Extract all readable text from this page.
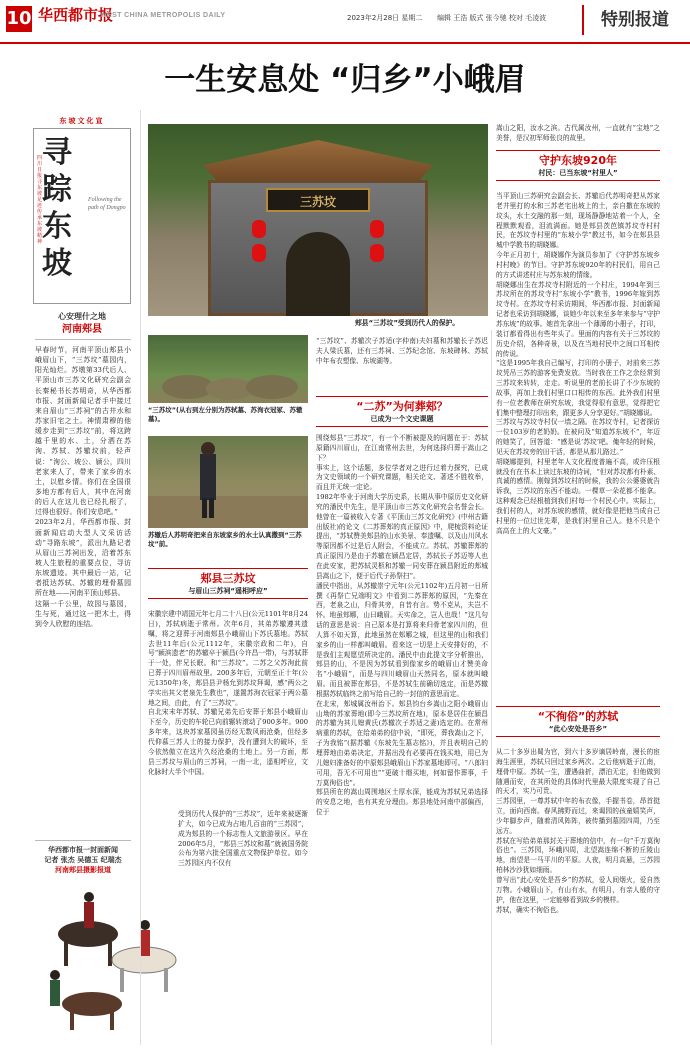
10 华西都市报
WEST CHINA METROPOLIS DAILY	2023年2月28日 星期二 编辑 王浩 版式 张今驰 校对 毛凌波	特别报道
一生安息处 “归乡”小峨眉
东坡文化宣
四川日报寻东坡足迹传承东坡精神
寻踪东坡
Following the path of Dongpo
心安理什之地
河南郏县
早春时节，河南平顶山郏县小峨眉山下，“三苏坟”墓园内，阳光灿烂。苏墩第33代后人、平顶山市三苏文化研究会副会长秦秘书长苏明奇，从华西都市报、封面新闻记者手中接过来自眉山“三苏祠”的古井水和苏家旧宅之土。神情肃穆的他缓步走到“三苏坟”前，将这跨越千里的水、土，分洒在苏洵、苏轼、苏辙坟前，轻声说：“洵公、坡公、颍公，四川老家来人了，带来了家乡的水土，以慰乡情。你们在全国很多地方都有后人，其中在河南的后人在这儿也已经扎根了，过得也很好。你们安息吧。”
2023年2月，华西都市报、封面新闻启动大型人文采访活动“寻路东坡”，派出九路记者从眉山三苏祠出发，沿着苏东坡人生旅程的重要点位，寻访东坡遗迹。其中最后一站，记者抵达苏轼、苏辙的埋骨墓园所在地——河南平顶山郏县。
这隔一千公里，故园与墓园，生与死，通过这一把木土，得到令人欣慰的连结。
华西都市报一封面新闻
记者 张杰 吴德玉 纪瑞杰
河南郏县摄影报道
三苏坟
郏县“三苏坟”受到历代人的保护。
“三苏坟”(从右到左分别为苏轼墓、苏洵衣冠冢、苏辙墓)。
苏辙后人苏明奇把来自东坡家乡的水土认真撒到“三苏坟”前。
郏县三苏坟
与眉山三苏祠“遥相呼应”
宋徽宗建中靖国元年七月二十八日(公元1101年8月24日)，苏轼病逝于常州。次年6月，其弟苏辙遵其遗嘱，将之迎葬于河南郏县小峨眉山下苏氏墓地。苏轼去世11年后(公元1112年，宋徽宗政和二年)，自号“颍滨遗老”的苏辙卒于颍昌(今许昌一带)，与苏轼葬于一处，伴兄长眠。和“三苏坟”。二苏之父苏洵此前已葬于四川眉州故里。200多年后，元朝至正十年(公元1350年)冬，郏县县尹杨允到苏坟拜谒，感“两公之学实出其父老泉先生教也”，遂置苏洵衣冠冢于两公墓地之间，由此，有了“三苏坟”。
自北宋末年苏轼、苏辙兄弟先后安葬于郏县小峨眉山下至今，历史的车轮已向前辗转滚动了900多年。900多年来，这块苏家墓园虽历经无数风雨沧桑，但经多代仰慕三苏人士的接力保护，没有遭到大的破坏，至今依然傲立在这片久经沧桑的土地上。另一方面，郏县三苏坟与眉山的三苏祠，一南一北，遥相呼应，文化脉时大半个中国。
受到历代人保护的“三苏坟”，近年来被逐渐扩大，如今已成为占地几百亩的“三苏园”，成为郏县的一个标志性人文旅游景区。早在2006年5月，“郏县三苏坟和墓”就被国务院公布为第六批全国重点文物保护单位。如今三苏园区内不仅有
“三苏坟”、苏辙次子苏适(字仲南)夫妇墓和苏辙长子苏迟夫人梁氏墓，还有三苏祠、三苏纪念馆、东坡碑林、苏轼中年布衣塑像、东坡湖等。
“二苏”为何葬郏？
已成为一个文史课题
围绕郏县“三苏坟”，有一个不断被提及的问题在于：苏轼原籍四川眉山，在江南常州去世，为何选择归葬于嵩山之下？
事实上，这个话题，多位学者对之进行过着力探究，已成为文史领域的一个研究课题，相关论文、著述不胜枚举，而且并无统一定论。
1982年毕业于河南大学历史系，长期从事中原历史文化研究的潘民中先生，是平顶山市三苏文化研究会名誉会长。他曾在一篇被收入专著《平顶山三苏文化研究》(中州古籍出版社)的论文《二苏葬郏的真正原因》中，爬梳资料论证提出，“苏轼赞美郏县的山水美景、奉遗嘱、以及山川风水等原因都不过是后人附会，不能成立。苏轼、苏辙葬郏的真正原因乃是由于苏辙在颍昌定居，苏轼长子苏迈等人也在此安家，把苏轼灵柩和苏辙一同安葬在颍昌附近的郏城县嵩山之下，便于后代子孙祭扫”。
潘民中指出，从苏辙崇宁元年(公元1102年)五月初一日所撰《再祭亡兄端明文》中看到二苏葬郏的原因，“先秦在西，老泉之山，归骨其旁，自昔有言。势不克从，夫岂不怀。地虽郏鄏，山曰峨眉。天实命之，岂人也哉！”这几句话的意思是说：自己原本是打算将来归骨老家四川的，但人算不如天算，此地虽然在郏鄏之城，但这里的山和我们家乡的山一样都叫峨眉。看来这一切是上天安排好的，不是我们主观愿望所决定的。潘民中由此提文字分析推出，郏县的山，不是因为苏轼看到像家乡的峨眉山才赞美命名“小峨眉”，而是与四川峨眉山天然同名，原本就叫峨眉。而且被葬在郏县，不是苏轼生前确切选定，而是苏辙根据苏轼临终之前写给自己的一封信的意思而定。
在北宋，郏城属汝州治下。郏县钧台乡嵩山之阳小峨眉山山坳的苏家葬地(即今三苏坟所在地)，原本是居住在颍昌的苏辙为其儿媳黄氏(苏辙次子苏适之妻)选定的。在常州病重的苏轼，在给弟弟的信中说，“即死，葬我嵩山之下，子为我铭”(据苏辙《东坡先生墓志铭》)，并且表明自己的埋葬地由弟弟决定，并据出没有必要再在钱买地，用已为儿媳妇准备好的中原郏县峨眉山下苏家墓地即可。“八郎妇可用，吾无不可用也”“更破十缗买地，何如留作葬事，千万莫徇俗也”。
郏县所在的嵩山周围地区土厚水深，能成为苏轼兄弟选择的安息之地，也有其充分理由。郏县地处河南中部偏西，位于
嵩山之阳，汝水之滨。古代属汝州，一直就有“宝地”之美誉，是汉初军师张良的故里。
守护东坡920年
村民：已当东坡“村里人”
当平顶山三苏研究会副会长、苏辙后代苏明奇把从苏家老井里打的水和三苏老宅出坡上的土，亲自撒在东坡的坟头，水土交融的那一刻，现场静静地站着一个人，全程默默观看，泪流满面。她是郏县茨芭镇苏坟寺村村民，在苏坟寺村里的“东坡小学”教过书，如今在郏县县城中学教书的胡晓娜。
今年正月初十，胡晓娜作为演员参加了《守护苏东坡乡村村晚》的节目。守护苏东坡920年的村民们，用自己的方式讲述村庄与苏东坡的情缘。
胡晓娜出生在苏坟寺村附近的一个村庄，1994年到三苏坟所在的苏坟寺村“东坡小学”教书，1996年嫁到苏坟寺村。在苏坟寺村采访期间，华西都市报、封面新闻记者也采访到胡晓娜，谈她少年以来至多年来参与“守护苏东坡”的故事。她首先拿出一个薄薄的小册子，打印，装订都看得出有些年头了。里面的内容有关于三苏坟的历史介绍，各种奇景，以及在当地村民中之间口耳相传的传说。
“这是1995年我自己编写，打印的小册子，对前来三苏坟凭吊三苏的游客免费发放。当时我在工作之余经常到三苏坟来转转，走走。听说里的老前长讲了不少东坡的故事，再加上我们村里口口相传的东西。此外我们村里有一位老教师在研究东坡，我觉得很有意思，觉得把它们集中整理打印出来，跟更多人分享更好。”胡晓娜说。
三苏坟与苏坟寺村仅一墙之隔。在苏坟寺村，记者探访一位103岁的老奶奶。在被问及“知道苏东坡不”，年迈的她笑了，回答道：“感是说‘苏坟’吧。俺年轻的时候，见天在苏坟旁的田干活，都是从那儿路过。”
胡晓娜提到，村里老年人文化程度普遍不高，或许压根就没有在书本上读过东坡的诗词，“但对苏坟都有朴素、真诚的感情。刚嫁到苏坟村的时候，我的公公婆婆就告诉我，三苏坟的东西不能动。一棵草一朵花都不能拿。这种观念已经根植到我们村每一个村民心中。实际上，我们村的人，对苏东坡的感情，就好像是把他当成自己村里的一位过世先辈，是我们村里自己人。他不只是个高高在上的大文豪。”
“不徇俗”的苏轼
“此心安处是吾乡”
从二十多岁出蜀为官，到六十多岁谪居岭南，漫长的宦海生涯里，苏轼只回过家乡两次。之后他病逝于江南，埋骨中原。苏轼一生，遭遇曲折，漂泊无定，但他做到随遇而安，在其所处的具体时代里最大限度实现了自己的天才，实乃可贵。
三苏园里，一尊苏轼中年的布衣像，手握书卷，昂首挺立，面向西南。春风拂野而过，来谒园的孩童嬉笑声，少年脚步声，随着清风阵阵，被传播到墓园四周，乃至远方。
苏轼在写给弟弟那封关于葬地的信中，有一句“千万莫徇俗也”。三苏园，环峨四周，北望嵩连绵不断的丘陵山地，南望是一马平川的平原。人夜，明月高悬，三苏园柏林沙沙犹如细雨。
曾写出“此心安处是吾乡”的苏轼，爱人间烟火，爱自然万物。小峨眉山下，有山有水，有明月，有亲人般的守护，他在这里，一定能够看到故乡的模样。
苏轼，确实不徇俗也。
